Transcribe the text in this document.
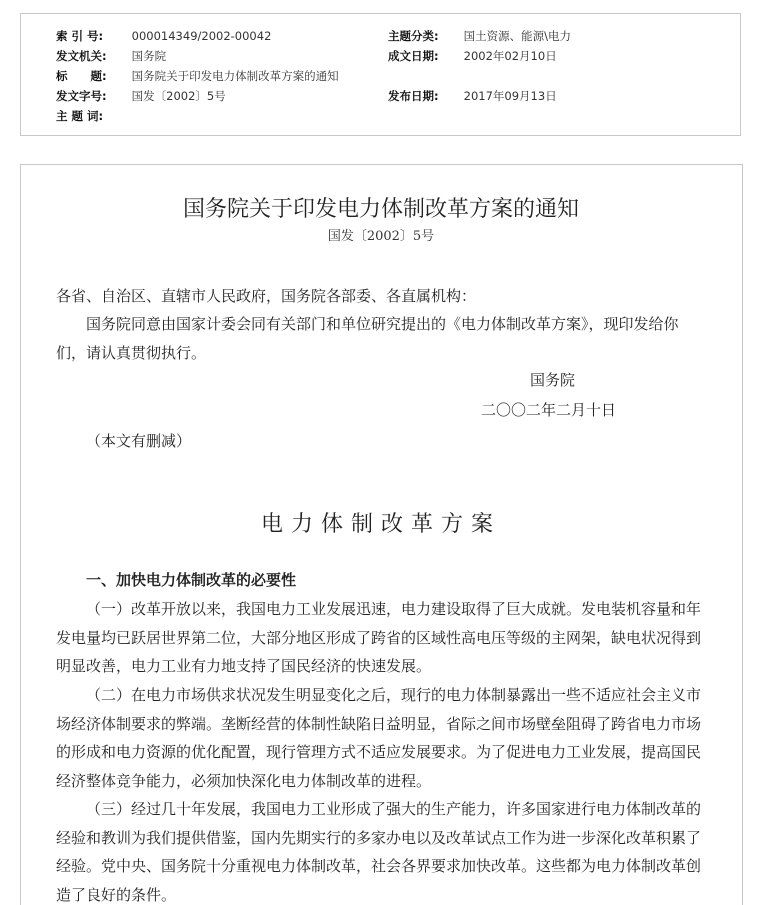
索 引 号: 000014349/2002-00042	主题分类: 国土资源、能源\电力
发文机关: 国务院	成文日期: 2002年02月10日
标　　题: 国务院关于印发电力体制改革方案的通知
发文字号: 国发〔2002〕5号	发布日期: 2017年09月13日
主 题 词:
国务院关于印发电力体制改革方案的通知
国发〔2002〕5号
各省、自治区、直辖市人民政府，国务院各部委、各直属机构：
国务院同意由国家计委会同有关部门和单位研究提出的《电力体制改革方案》，现印发给你们，请认真贯彻执行。
国务院
二〇〇二年二月十日
（本文有删减）
电力体制改革方案
一、加快电力体制改革的必要性
（一）改革开放以来，我国电力工业发展迅速，电力建设取得了巨大成就。发电装机容量和年发电量均已跃居世界第二位，大部分地区形成了跨省的区域性高电压等级的主网架，缺电状况得到明显改善，电力工业有力地支持了国民经济的快速发展。
（二）在电力市场供求状况发生明显变化之后，现行的电力体制暴露出一些不适应社会主义市场经济体制要求的弊端。垄断经营的体制性缺陷日益明显，省际之间市场壁垒阻碍了跨省电力市场的形成和电力资源的优化配置，现行管理方式不适应发展要求。为了促进电力工业发展，提高国民经济整体竞争能力，必须加快深化电力体制改革的进程。
（三）经过几十年发展，我国电力工业形成了强大的生产能力，许多国家进行电力体制改革的经验和教训为我们提供借鉴，国内先期实行的多家办电以及改革试点工作为进一步深化改革积累了经验。党中央、国务院十分重视电力体制改革，社会各界要求加快改革。这些都为电力体制改革创造了良好的条件。
